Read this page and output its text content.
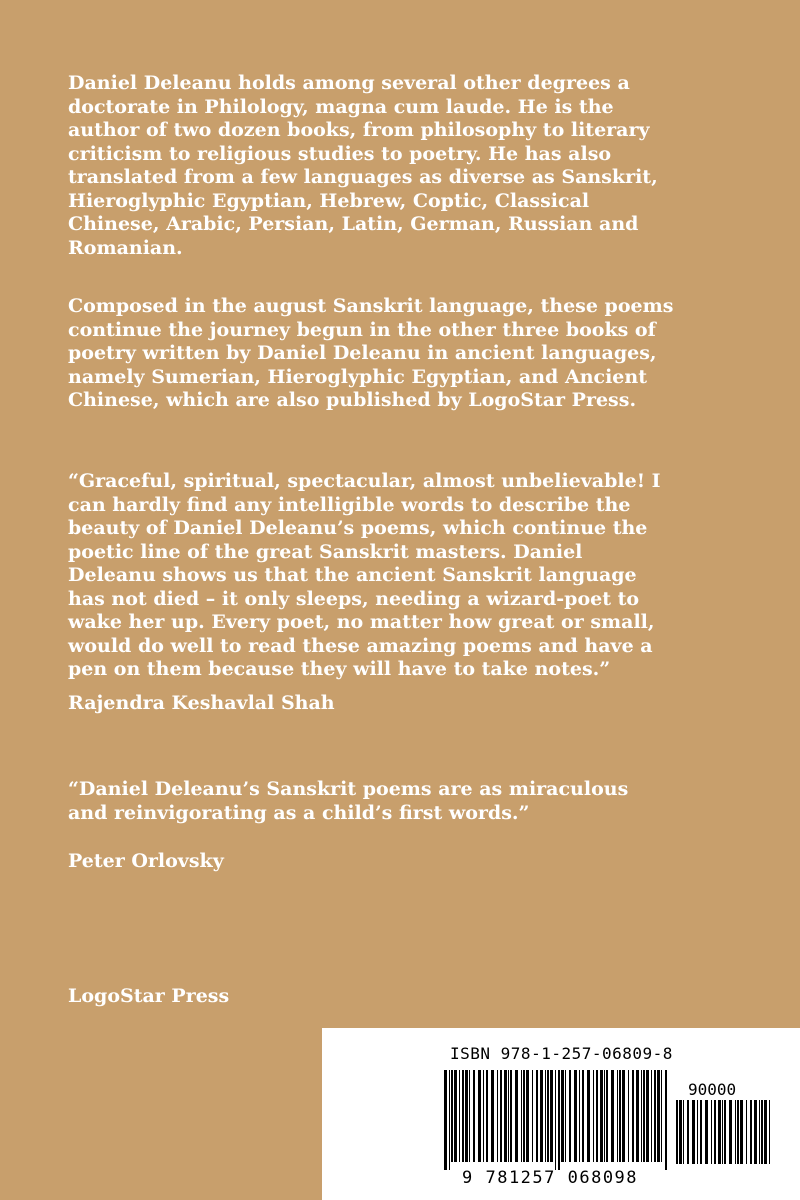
Daniel Deleanu holds among several other degrees a
doctorate in Philology, magna cum laude. He is the
author of two dozen books, from philosophy to literary
criticism to religious studies to poetry. He has also
translated from a few languages as diverse as Sanskrit,
Hieroglyphic Egyptian, Hebrew, Coptic, Classical
Chinese, Arabic, Persian, Latin, German, Russian and
Romanian.

Composed in the august Sanskrit language, these poems
continue the journey begun in the other three books of
poetry written by Daniel Deleanu in ancient languages,
namely Sumerian, Hieroglyphic Egyptian, and Ancient
Chinese, which are also published by LogoStar Press.

“Graceful, spiritual, spectacular, almost unbelievable! I
can hardly find any intelligible words to describe the
beauty of Daniel Deleanu’s poems, which continue the
poetic line of the great Sanskrit masters. Daniel
Deleanu shows us that the ancient Sanskrit language
has not died – it only sleeps, needing a wizard-poet to
wake her up. Every poet, no matter how great or small,
would do well to read these amazing poems and have a
pen on them because they will have to take notes.”

Rajendra Keshavlal Shah

“Daniel Deleanu’s Sanskrit poems are as miraculous
and reinvigorating as a child’s first words.”

Peter Orlovsky

LogoStar Press

ISBN 978-1-257-06809-8
90000
9 781257 068098
